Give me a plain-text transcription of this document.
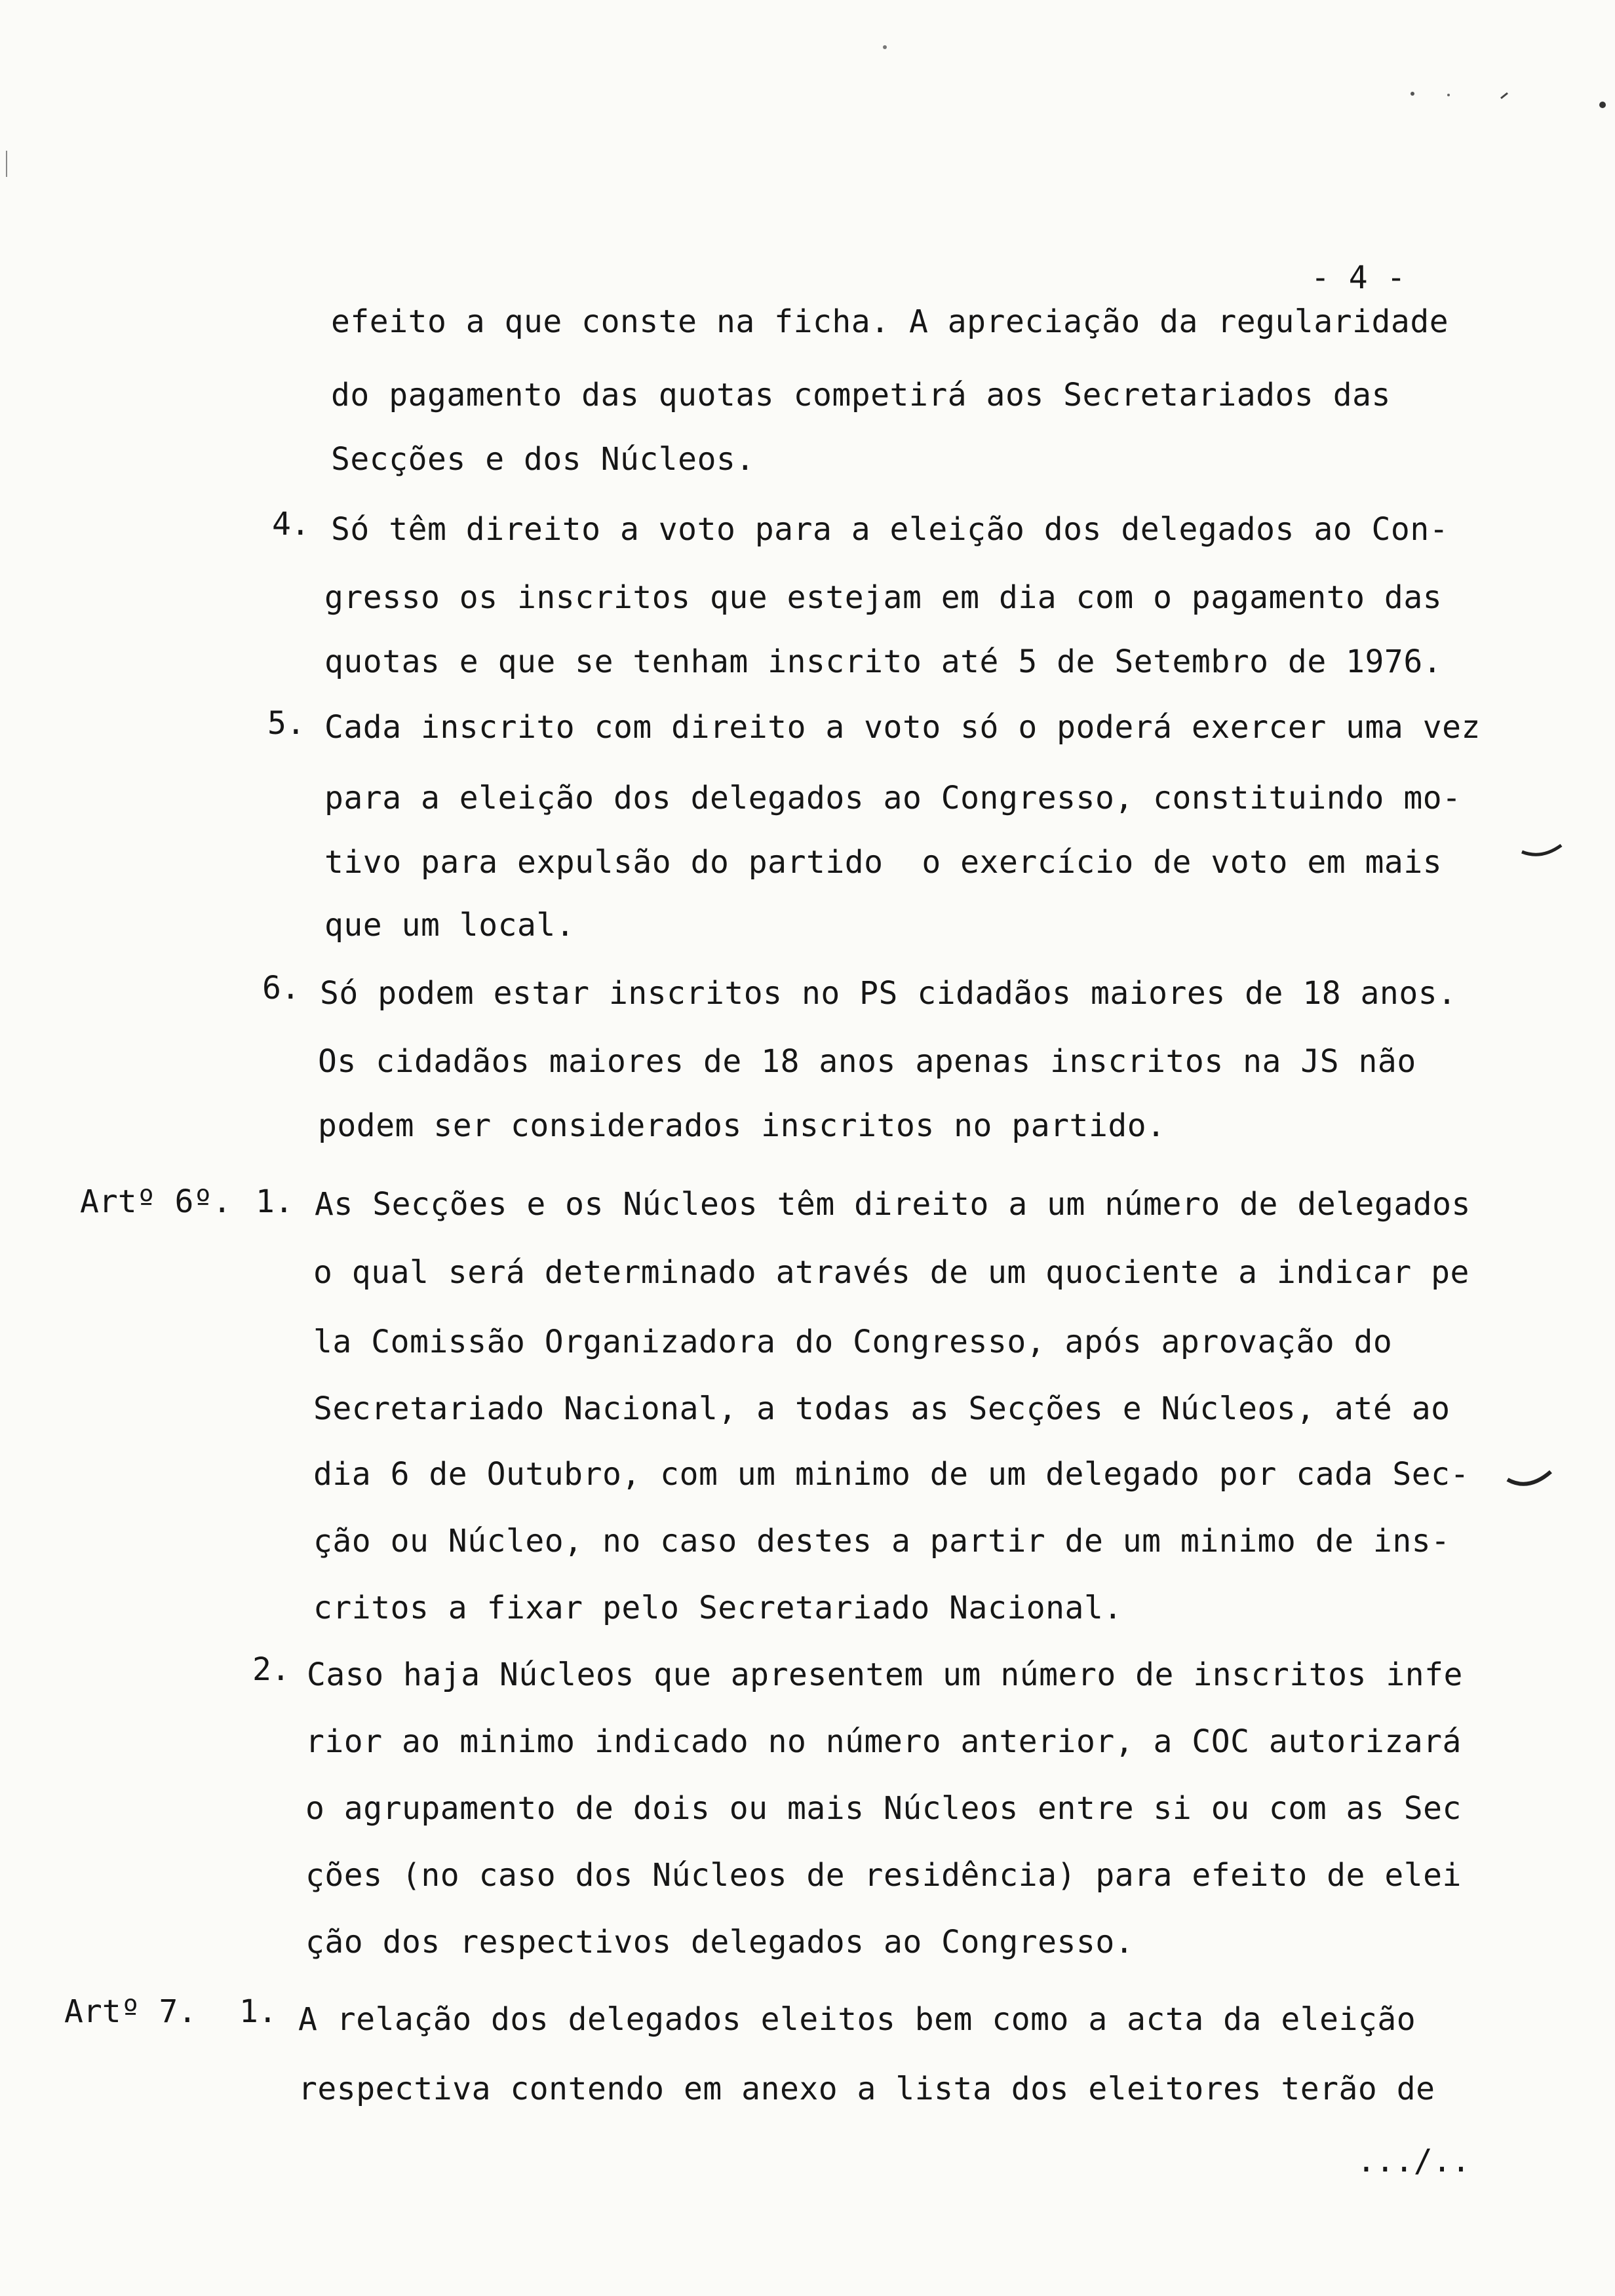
- 4 -
efeito a que conste na ficha. A apreciação da regularidade
do pagamento das quotas competirá aos Secretariados das
Secções e dos Núcleos.
4. Só têm direito a voto para a eleição dos delegados ao Con-
gresso os inscritos que estejam em dia com o pagamento das
quotas e que se tenham inscrito até 5 de Setembro de 1976.
5. Cada inscrito com direito a voto só o poderá exercer uma vez
para a eleição dos delegados ao Congresso, constituindo mo-
tivo para expulsão do partido  o exercício de voto em mais
que um local.
6. Só podem estar inscritos no PS cidadãos maiores de 18 anos.
Os cidadãos maiores de 18 anos apenas inscritos na JS não
podem ser considerados inscritos no partido.
Artº 6º. 1. As Secções e os Núcleos têm direito a um número de delegados
o qual será determinado através de um quociente a indicar pe
la Comissão Organizadora do Congresso, após aprovação do
Secretariado Nacional, a todas as Secções e Núcleos, até ao
dia 6 de Outubro, com um minimo de um delegado por cada Sec-
ção ou Núcleo, no caso destes a partir de um minimo de ins-
critos a fixar pelo Secretariado Nacional.
2. Caso haja Núcleos que apresentem um número de inscritos infe
rior ao minimo indicado no número anterior, a COC autorizará
o agrupamento de dois ou mais Núcleos entre si ou com as Sec
ções (no caso dos Núcleos de residência) para efeito de elei
ção dos respectivos delegados ao Congresso.
Artº 7. 1. A relação dos delegados eleitos bem como a acta da eleição
respectiva contendo em anexo a lista dos eleitores terão de
.../..
